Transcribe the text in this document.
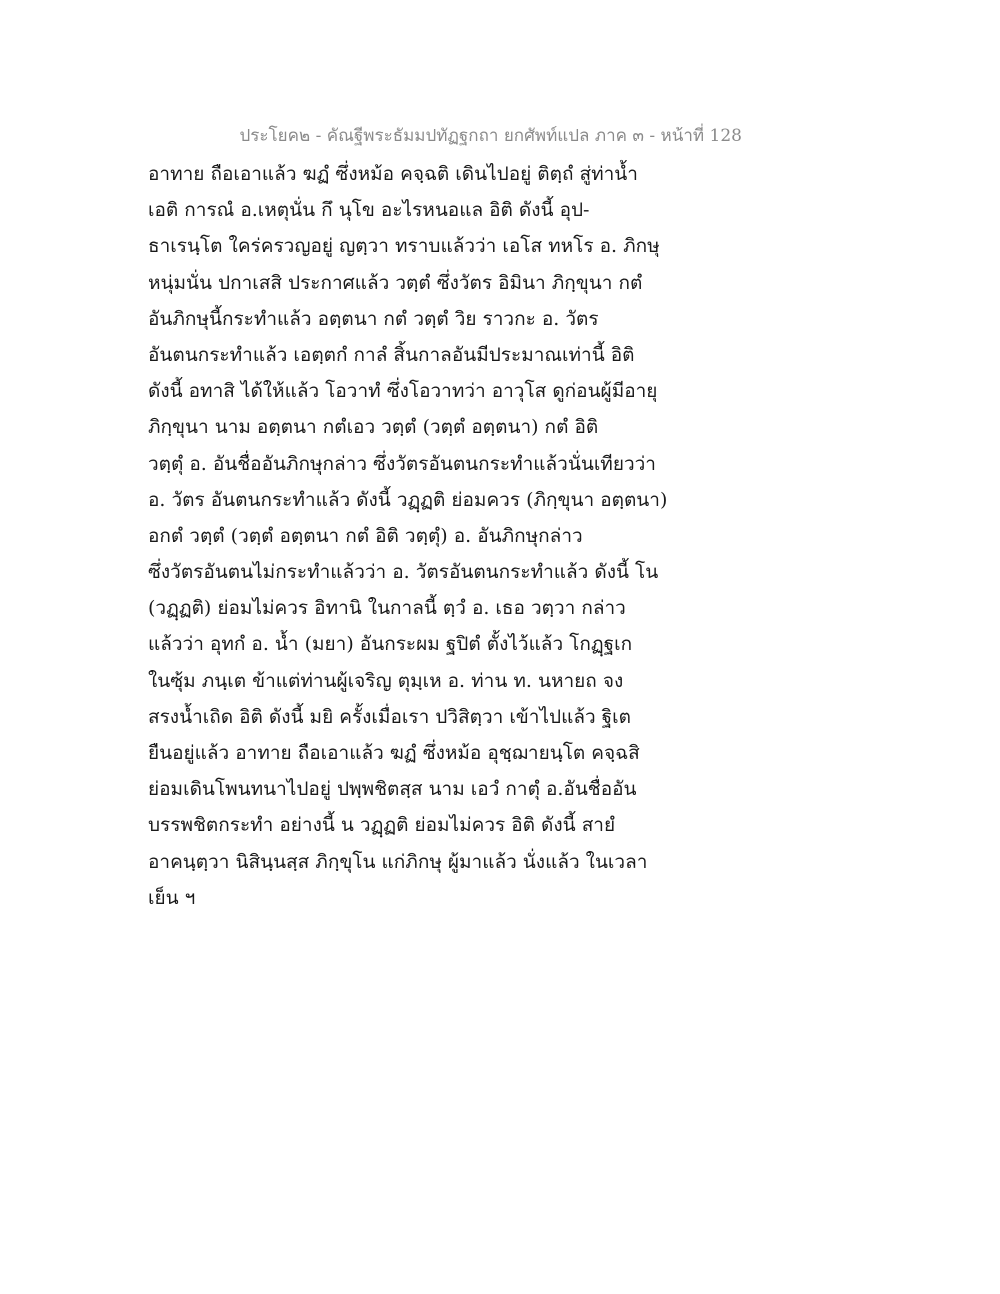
ประโยค๒ - คัณฐีพระธัมมปทัฏฐกถา ยกศัพท์แปล ภาค ๓ - หน้าที่ 128
อาทาย ถือเอาแล้ว ฆฏํ ซึ่งหม้อ คจฺฉติ เดินไปอยู่ ติตฺถํ สู่ท่าน้ำ
เอติ การณํ อ.เหตุนั่น กึ นุโข อะไรหนอแล อิติ ดังนี้ อุป-
ธาเรนฺโต ใคร่ครวญอยู่ ญตฺวา ทราบแล้วว่า เอโส ทหโร อ. ภิกษุ
หนุ่มนั่น ปกาเสสิ ประกาศแล้ว วตฺตํ ซึ่งวัตร อิมินา ภิกฺขุนา กตํ
อันภิกษุนี้กระทำแล้ว อตฺตนา กตํ วตฺตํ วิย ราวกะ อ. วัตร
อันตนกระทำแล้ว เอตฺตกํ กาลํ สิ้นกาลอันมีประมาณเท่านี้ อิติ
ดังนี้ อทาสิ ได้ให้แล้ว โอวาทํ ซึ่งโอวาทว่า อาวุโส ดูก่อนผู้มีอายุ
ภิกฺขุนา นาม อตฺตนา กตํเอว วตฺตํ (วตฺตํ อตฺตนา) กตํ อิติ
วตฺตุํ อ. อันชื่ออันภิกษุกล่าว ซึ่งวัตรอันตนกระทำแล้วนั่นเทียวว่า
อ. วัตร อันตนกระทำแล้ว ดังนี้ วฏฺฏติ ย่อมควร (ภิกฺขุนา อตฺตนา)
อกตํ วตฺตํ (วตฺตํ อตฺตนา กตํ อิติ วตฺตุํ) อ. อันภิกษุกล่าว
ซึ่งวัตรอันตนไม่กระทำแล้วว่า อ. วัตรอันตนกระทำแล้ว ดังนี้ โน
(วฏฺฏติ) ย่อมไม่ควร อิทานิ ในกาลนี้ ตฺวํ อ. เธอ วตฺวา กล่าว
แล้วว่า อุทกํ อ. น้ำ (มยา) อันกระผม ฐปิตํ ตั้งไว้แล้ว โกฏฺฐเก
ในซุ้ม ภนฺเต ข้าแต่ท่านผู้เจริญ ตุมฺเห อ. ท่าน ท. นหายถ จง
สรงน้ำเถิด อิติ ดังนี้ มยิ ครั้งเมื่อเรา ปวิสิตฺวา เข้าไปแล้ว ฐิเต
ยืนอยู่แล้ว อาทาย ถือเอาแล้ว ฆฏํ ซึ่งหม้อ อุชฺฌายนฺโต คจฺฉสิ
ย่อมเดินโพนทนาไปอยู่ ปพฺพชิตสฺส นาม เอวํ กาตุํ อ.อันชื่ออัน
บรรพชิตกระทำ อย่างนี้ น วฏฺฏติ ย่อมไม่ควร อิติ ดังนี้ สายํ
อาคนฺตฺวา นิสินฺนสฺส ภิกฺขุโน แก่ภิกษุ ผู้มาแล้ว นั่งแล้ว ในเวลา
เย็น ฯ
